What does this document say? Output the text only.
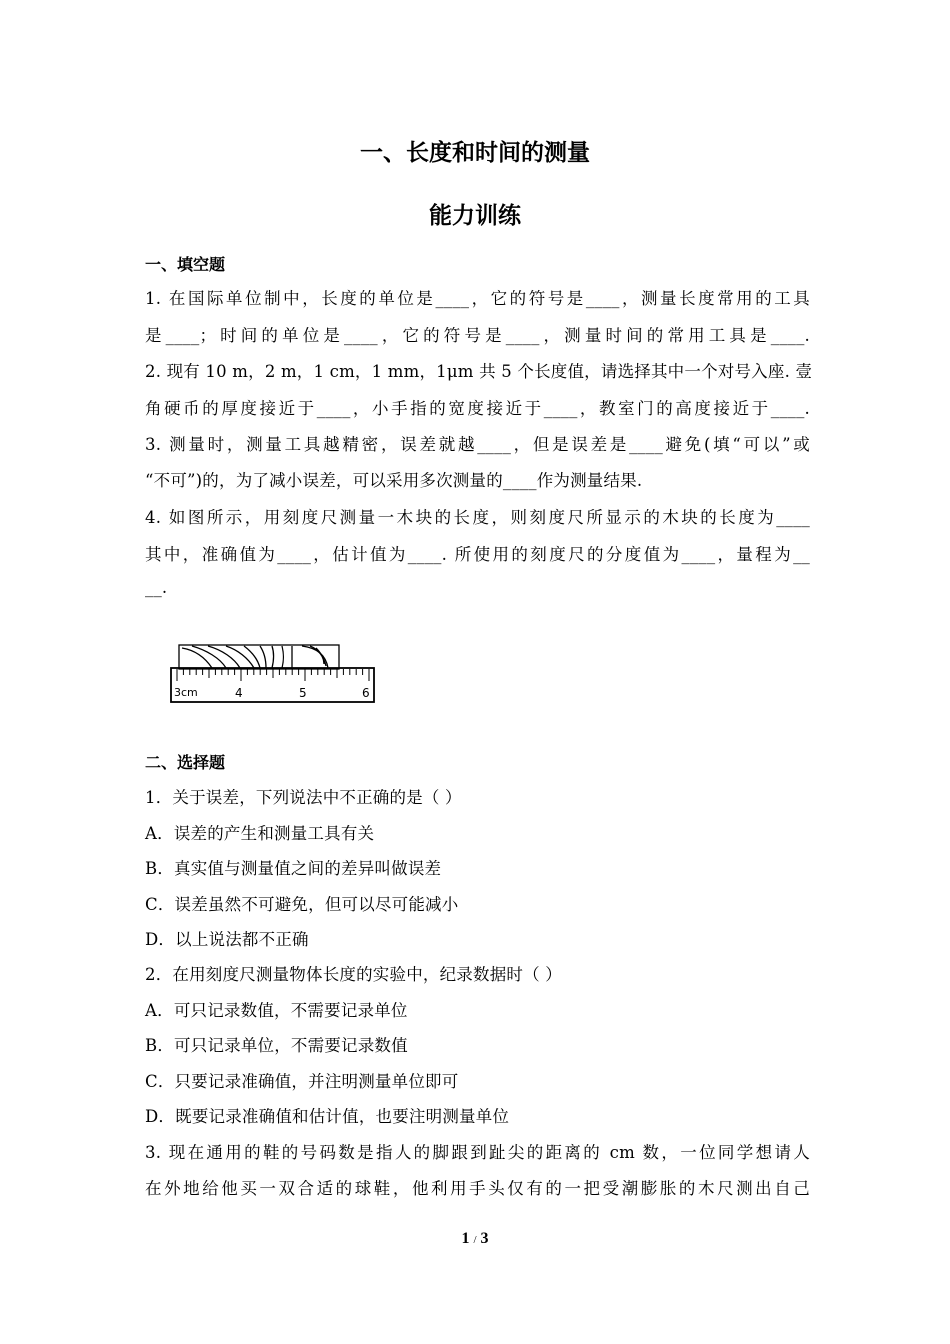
一、长度和时间的测量
能力训练
一、填空题
1. 在国际单位制中，长度的单位是____，它的符号是____，测量长度常用的工具
是____；时间的单位是____，它的符号是____，测量时间的常用工具是____.
2. 现有 10 m，2 m，1 cm，1 mm，1μm 共 5 个长度值，请选择其中一个对号入座. 壹
角硬币的厚度接近于____，小手指的宽度接近于____，教室门的高度接近于____.
3. 测量时，测量工具越精密，误差就越____，但是误差是____避免(填“可以”或
“不可”)的，为了减小误差，可以采用多次测量的____作为测量结果.
4. 如图所示，用刻度尺测量一木块的长度，则刻度尺所显示的木块的长度为____
其中，准确值为____，估计值为____. 所使用的刻度尺的分度值为____，量程为__
__.
3cm	4	5	6
二、选择题
1．关于误差，下列说法中不正确的是（ ）
A．误差的产生和测量工具有关
B．真实值与测量值之间的差异叫做误差
C．误差虽然不可避免，但可以尽可能减小
D．以上说法都不正确
2．在用刻度尺测量物体长度的实验中，纪录数据时（ ）
A．可只记录数值，不需要记录单位
B．可只记录单位，不需要记录数值
C．只要记录准确值，并注明测量单位即可
D．既要记录准确值和估计值，也要注明测量单位
3. 现在通用的鞋的号码数是指人的脚跟到趾尖的距离的 cm 数，一位同学想请人
在外地给他买一双合适的球鞋，他利用手头仅有的一把受潮膨胀的木尺测出自己
1 / 3
